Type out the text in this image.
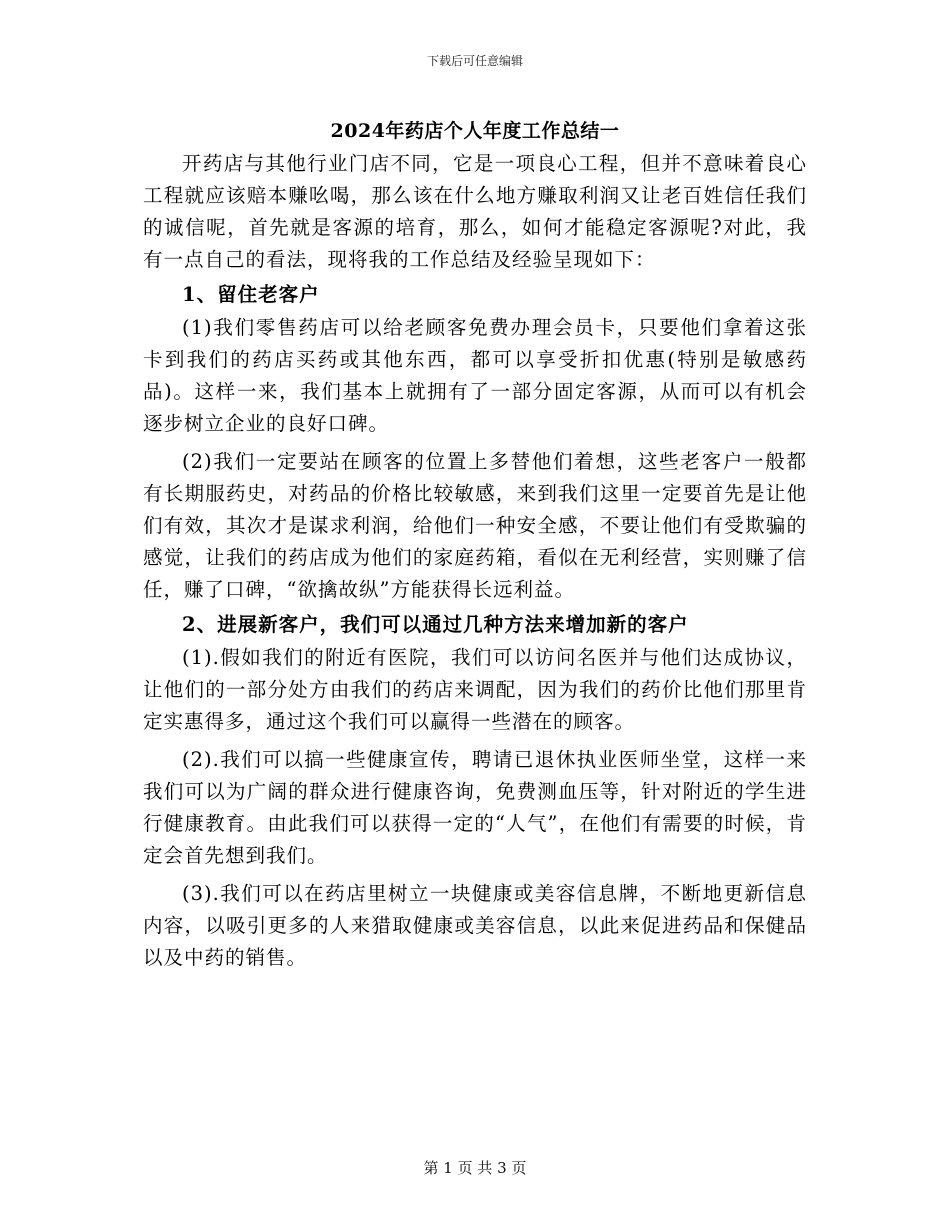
下载后可任意编辑
2024年药店个人年度工作总结一

开药店与其他行业门店不同，它是一项良心工程，但并不意味着良心工程就应该赔本赚吆喝，那么该在什么地方赚取利润又让老百姓信任我们的诚信呢，首先就是客源的培育，那么，如何才能稳定客源呢?对此，我有一点自己的看法，现将我的工作总结及经验呈现如下：

1、留住老客户

(1)我们零售药店可以给老顾客免费办理会员卡，只要他们拿着这张卡到我们的药店买药或其他东西，都可以享受折扣优惠(特别是敏感药品)。这样一来，我们基本上就拥有了一部分固定客源，从而可以有机会逐步树立企业的良好口碑。

(2)我们一定要站在顾客的位置上多替他们着想，这些老客户一般都有长期服药史，对药品的价格比较敏感，来到我们这里一定要首先是让他们有效，其次才是谋求利润，给他们一种安全感，不要让他们有受欺骗的感觉，让我们的药店成为他们的家庭药箱，看似在无利经营，实则赚了信任，赚了口碑，“欲擒故纵”方能获得长远利益。

2、进展新客户，我们可以通过几种方法来增加新的客户

(1).假如我们的附近有医院，我们可以访问名医并与他们达成协议，让他们的一部分处方由我们的药店来调配，因为我们的药价比他们那里肯定实惠得多，通过这个我们可以赢得一些潜在的顾客。

(2).我们可以搞一些健康宣传，聘请已退休执业医师坐堂，这样一来我们可以为广阔的群众进行健康咨询，免费测血压等，针对附近的学生进行健康教育。由此我们可以获得一定的“人气”，在他们有需要的时候，肯定会首先想到我们。

(3).我们可以在药店里树立一块健康或美容信息牌，不断地更新信息内容，以吸引更多的人来猎取健康或美容信息，以此来促进药品和保健品以及中药的销售。

第 1 页 共 3 页
